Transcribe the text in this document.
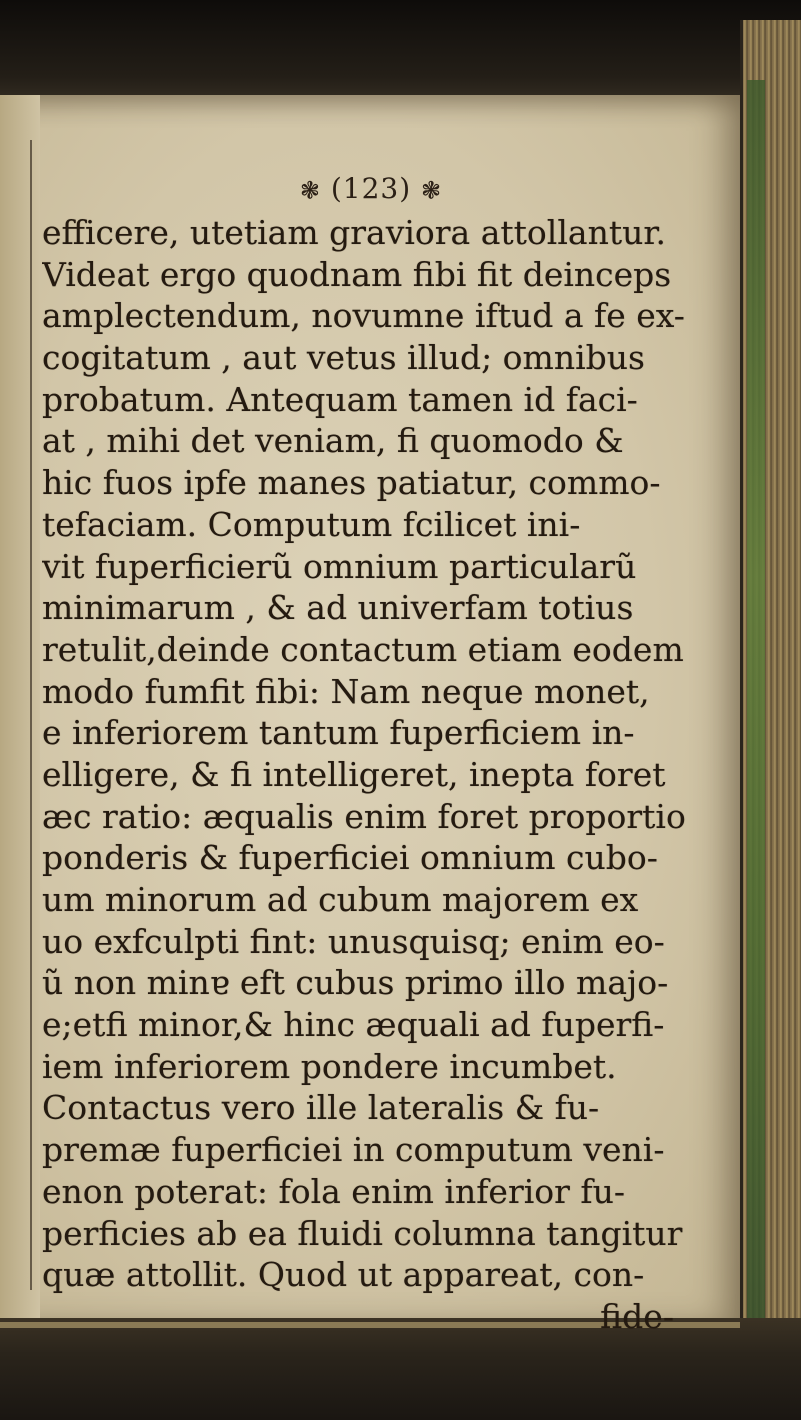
❃ (123) ❃
efficere, utetiam graviora attollantur.
Videat ergo quodnam fibi fit deinceps
amplectendum, novumne iftud a fe ex-
cogitatum , aut vetus illud; omnibus
probatum. Antequam tamen id faci-
at , mihi det veniam, fi quomodo &
hic fuos ipfe manes patiatur, commo-
tefaciam. Computum fcilicet ini-
vit fuperficierũ omnium particularũ
minimarum , & ad univerfam totius
retulit,deinde contactum etiam eodem
modo fumfit fibi: Nam neque monet,
e inferiorem tantum fuperficiem in-
elligere, & fi intelligeret, inepta foret
æc ratio: æqualis enim foret proportio
ponderis & fuperficiei omnium cubo-
um minorum ad cubum majorem ex
uo exfculpti fint: unusquisq; enim eo-
ũ non minɐ eft cubus primo illo majo-
e;etfi minor,& hinc æquali ad fuperfi-
iem inferiorem pondere incumbet.
Contactus vero ille lateralis & fu-
premæ fuperficiei in computum veni-
enon poterat: fola enim inferior fu-
perficies ab ea fluidi columna tangitur
quæ attollit. Quod ut appareat, con-
fide-
